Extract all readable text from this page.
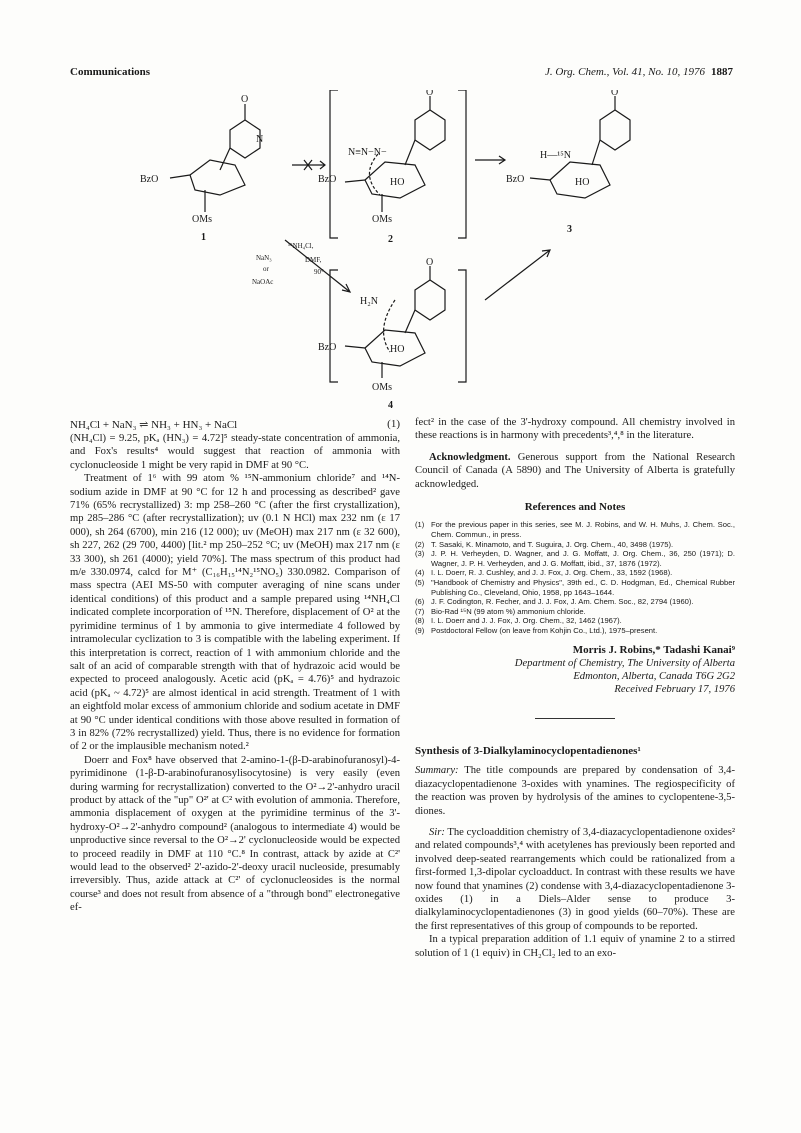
Communications	J. Org. Chem., Vol. 41, No. 10, 1976 1887
O
N
BzO
OMs
1
O
N≡N−N−
BzO	HO
OMs
2
O
H—¹⁵N
BzO	HO
3
O
H₂N
BzO	HO
OMs
4
¹⁵NH₄Cl,
NaN₃	DMF,
or	90°
NaOAc
NH₄Cl + NaN₃ ⇌ NH₃ + HN₃ + NaCl	(1)

(NH₄Cl) = 9.25, pKₐ (HN₃) = 4.72]⁵ steady-state concentration of ammonia, and Fox's results⁴ would suggest that reaction of ammonia with cyclonucleoside 1 might be very rapid in DMF at 90 °C.

Treatment of 1⁶ with 99 atom % ¹⁵N-ammonium chloride⁷ and ¹⁴N-sodium azide in DMF at 90 °C for 12 h and processing as described² gave 71% (65% recrystallized) 3: mp 258–260 °C (after the first crystallization), mp 285–286 °C (after recrystallization); uv (0.1 N HCl) max 232 nm (ε 17 000), sh 264 (6700), min 216 (12 000); uv (MeOH) max 217 nm (ε 32 600), sh 227, 262 (29 700, 4400) [lit.² mp 250–252 °C; uv (MeOH) max 217 nm (ε 33 300), sh 261 (4000); yield 70%]. The mass spectrum of this product had m/e 330.0974, calcd for M⁺ (C₁₆H₁₅¹⁴N₂¹⁵NO₅) 330.0982. Comparison of mass spectra (AEI MS-50 with computer averaging of nine scans under identical conditions) of this product and a sample prepared using ¹⁴NH₄Cl indicated complete incorporation of ¹⁵N. Therefore, displacement of O² at the pyrimidine terminus of 1 by ammonia to give intermediate 4 followed by intramolecular cyclization to 3 is compatible with the labeling experiment. If this interpretation is correct, reaction of 1 with ammonium chloride and the salt of an acid of comparable strength with that of hydrazoic acid would be expected to proceed analogously. Acetic acid (pKₐ = 4.76)⁵ and hydrazoic acid (pKₐ ~ 4.72)⁵ are almost identical in acid strength. Treatment of 1 with an eightfold molar excess of ammonium chloride and sodium acetate in DMF at 90 °C under identical conditions with those above resulted in formation of 3 in 82% (72% recrystallized) yield. Thus, there is no evidence for formation of 2 or the implausible mechanism noted.²

Doerr and Fox⁸ have observed that 2-amino-1-(β-D-arabinofuranosyl)-4-pyrimidinone (1-β-D-arabinofuranosylisocytosine) is very easily (even during warming for recrystallization) converted to the O²→2'-anhydro uracil product by attack of the "up" O²' at C² with evolution of ammonia. Therefore, ammonia displacement of oxygen at the pyrimidine terminus of the 3'-hydroxy-O²→2'-anhydro compound² (analogous to intermediate 4) would be unproductive since reversal to the O²→2' cyclonucleoside would be expected to proceed readily in DMF at 110 °C.⁸ In contrast, attack by azide at C²' would lead to the observed² 2'-azido-2'-deoxy uracil nucleoside, presumably irreversibly. Thus, azide attack at C²' of cyclonucleosides is the normal course³ and does not result from absence of a "through bond" electronegative ef-

fect² in the case of the 3'-hydroxy compound. All chemistry involved in these reactions is in harmony with precedents³,⁴,⁸ in the literature.

Acknowledgment. Generous support from the National Research Council of Canada (A 5890) and The University of Alberta is gratefully acknowledged.

References and Notes
(1) For the previous paper in this series, see M. J. Robins, and W. H. Muhs, J. Chem. Soc., Chem. Commun., in press.
(2) T. Sasaki, K. Minamoto, and T. Suguira, J. Org. Chem., 40, 3498 (1975).
(3) J. P. H. Verheyden, D. Wagner, and J. G. Moffatt, J. Org. Chem., 36, 250 (1971); D. Wagner, J. P. H. Verheyden, and J. G. Moffatt, ibid., 37, 1876 (1972).
(4) I. L. Doerr, R. J. Cushley, and J. J. Fox, J. Org. Chem., 33, 1592 (1968).
(5) "Handbook of Chemistry and Physics", 39th ed., C. D. Hodgman, Ed., Chemical Rubber Publishing Co., Cleveland, Ohio, 1958, pp 1643–1644.
(6) J. F. Codington, R. Fecher, and J. J. Fox, J. Am. Chem. Soc., 82, 2794 (1960).
(7) Bio-Rad ¹⁵N (99 atom %) ammonium chloride.
(8) I. L. Doerr and J. J. Fox, J. Org. Chem., 32, 1462 (1967).
(9) Postdoctoral Fellow (on leave from Kohjin Co., Ltd.), 1975–present.
Morris J. Robins,* Tadashi Kanai⁹
Department of Chemistry, The University of Alberta
Edmonton, Alberta, Canada T6G 2G2
Received February 17, 1976
Synthesis of 3-Dialkylaminocyclopentadienones¹

Summary: The title compounds are prepared by condensation of 3,4-diazacyclopentadienone 3-oxides with ynamines. The regiospecificity of the reaction was proven by hydrolysis of the amines to cyclopentene-3,5-diones.

Sir: The cycloaddition chemistry of 3,4-diazacyclopentadienone oxides² and related compounds³,⁴ with acetylenes has previously been reported and involved deep-seated rearrangements which could be rationalized from a first-formed 1,3-dipolar cycloadduct. In contrast with these results we have now found that ynamines (2) condense with 3,4-diazacyclopentadienone 3-oxides (1) in a Diels–Alder sense to produce 3-dialkylaminocyclopentadienones (3) in good yields (60–70%). These are the first representatives of this group of compounds to be reported.

In a typical preparation addition of 1.1 equiv of ynamine 2 to a stirred solution of 1 (1 equiv) in CH₂Cl₂ led to an exo-
